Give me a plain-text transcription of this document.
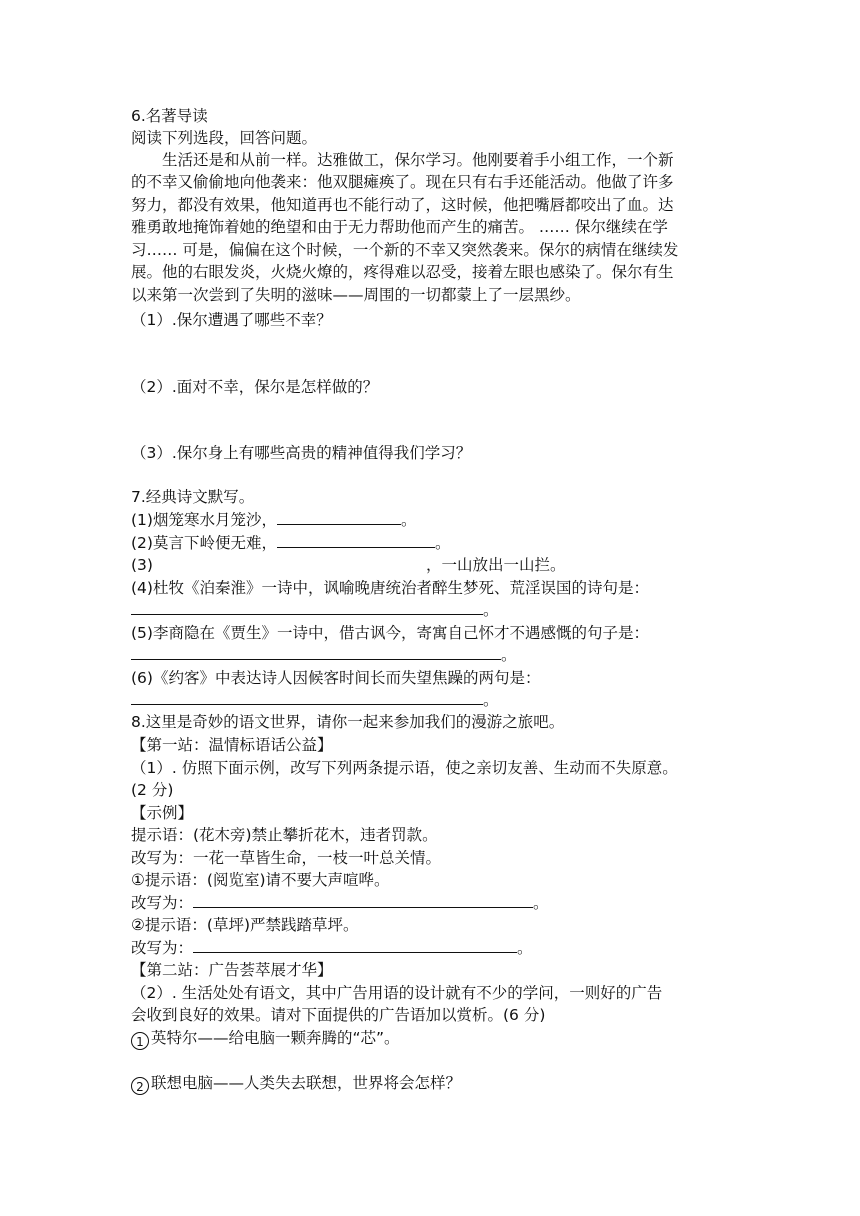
6.名著导读
阅读下列选段，回答问题。
生活还是和从前一样。达雅做工，保尔学习。他刚要着手小组工作，一个新
的不幸又偷偷地向他袭来：他双腿瘫痪了。现在只有右手还能活动。他做了许多
努力，都没有效果，他知道再也不能行动了，这时候，他把嘴唇都咬出了血。达
雅勇敢地掩饰着她的绝望和由于无力帮助他而产生的痛苦。 …… 保尔继续在学
习…… 可是，偏偏在这个时候，一个新的不幸又突然袭来。保尔的病情在继续发
展。他的右眼发炎，火烧火燎的，疼得难以忍受，接着左眼也感染了。保尔有生
以来第一次尝到了失明的滋味——周围的一切都蒙上了一层黑纱。
（1）.保尔遭遇了哪些不幸？
（2）.面对不幸，保尔是怎样做的？
（3）.保尔身上有哪些高贵的精神值得我们学习？
7.经典诗文默写。
(1)烟笼寒水月笼沙，	。
(2)莫言下岭便无难，	。
(3)	，一山放出一山拦。
(4)杜牧《泊秦淮》一诗中，讽喻晚唐统治者醉生梦死、荒淫误国的诗句是：
。
(5)李商隐在《贾生》一诗中，借古讽今，寄寓自己怀才不遇感慨的句子是：
。
(6)《约客》中表达诗人因候客时间长而失望焦躁的两句是：
。
8.这里是奇妙的语文世界，请你一起来参加我们的漫游之旅吧。
【第一站：温情标语话公益】
（1）. 仿照下面示例，改写下列两条提示语，使之亲切友善、生动而不失原意。
(2 分)
【示例】
提示语：(花木旁)禁止攀折花木，违者罚款。
改写为：一花一草皆生命，一枝一叶总关情。
①提示语：(阅览室)请不要大声喧哗。
改写为：	。
②提示语：(草坪)严禁践踏草坪。
改写为：	。
【第二站：广告荟萃展才华】
（2）. 生活处处有语文，其中广告用语的设计就有不少的学问，一则好的广告
会收到良好的效果。请对下面提供的广告语加以赏析。(6 分)
1 英特尔——给电脑一颗奔腾的“芯”。
2 联想电脑——人类失去联想，世界将会怎样？
